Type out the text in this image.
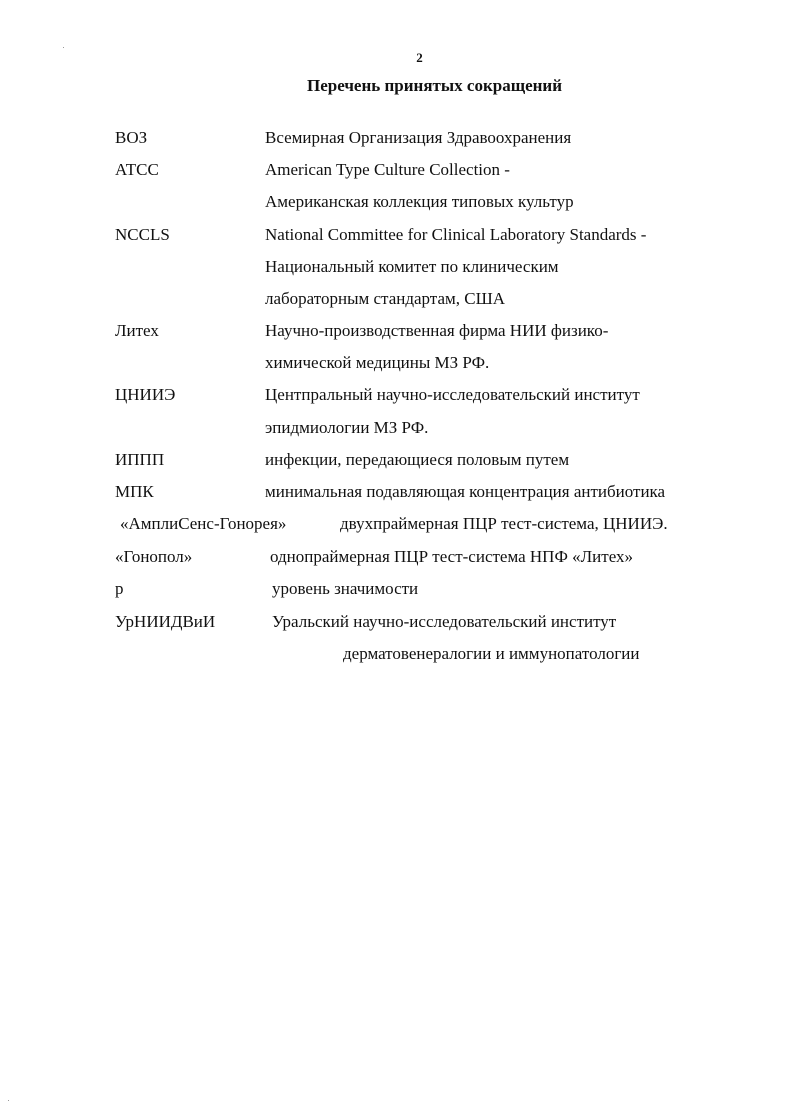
2
Перечень принятых сокращений
ВОЗ	Всемирная Организация Здравоохранения
АТСС	American Type Culture Collection -
Американская коллекция типовых культур
NCCLS	National Committee for Clinical Laboratory Standards -
Национальный комитет по клиническим
лабораторным стандартам, США
Литех	Научно-производственная фирма НИИ физико-
химической медицины МЗ РФ.
ЦНИИЭ	Центпральный научно-исследовательский институт
эпидмиологии МЗ РФ.
ИППП	инфекции, передающиеся половым путем
МПК	минимальная подавляющая концентрация антибиотика
«АмплиСенс-Гонорея»	двухпраймерная ПЦР тест-система, ЦНИИЭ.
«Гонопол»	однопраймерная ПЦР тест-система НПФ «Литех»
р	уровень значимости
УрНИИДВиИ	Уральский научно-исследовательский институт
дерматовенералогии и иммунопатологии
